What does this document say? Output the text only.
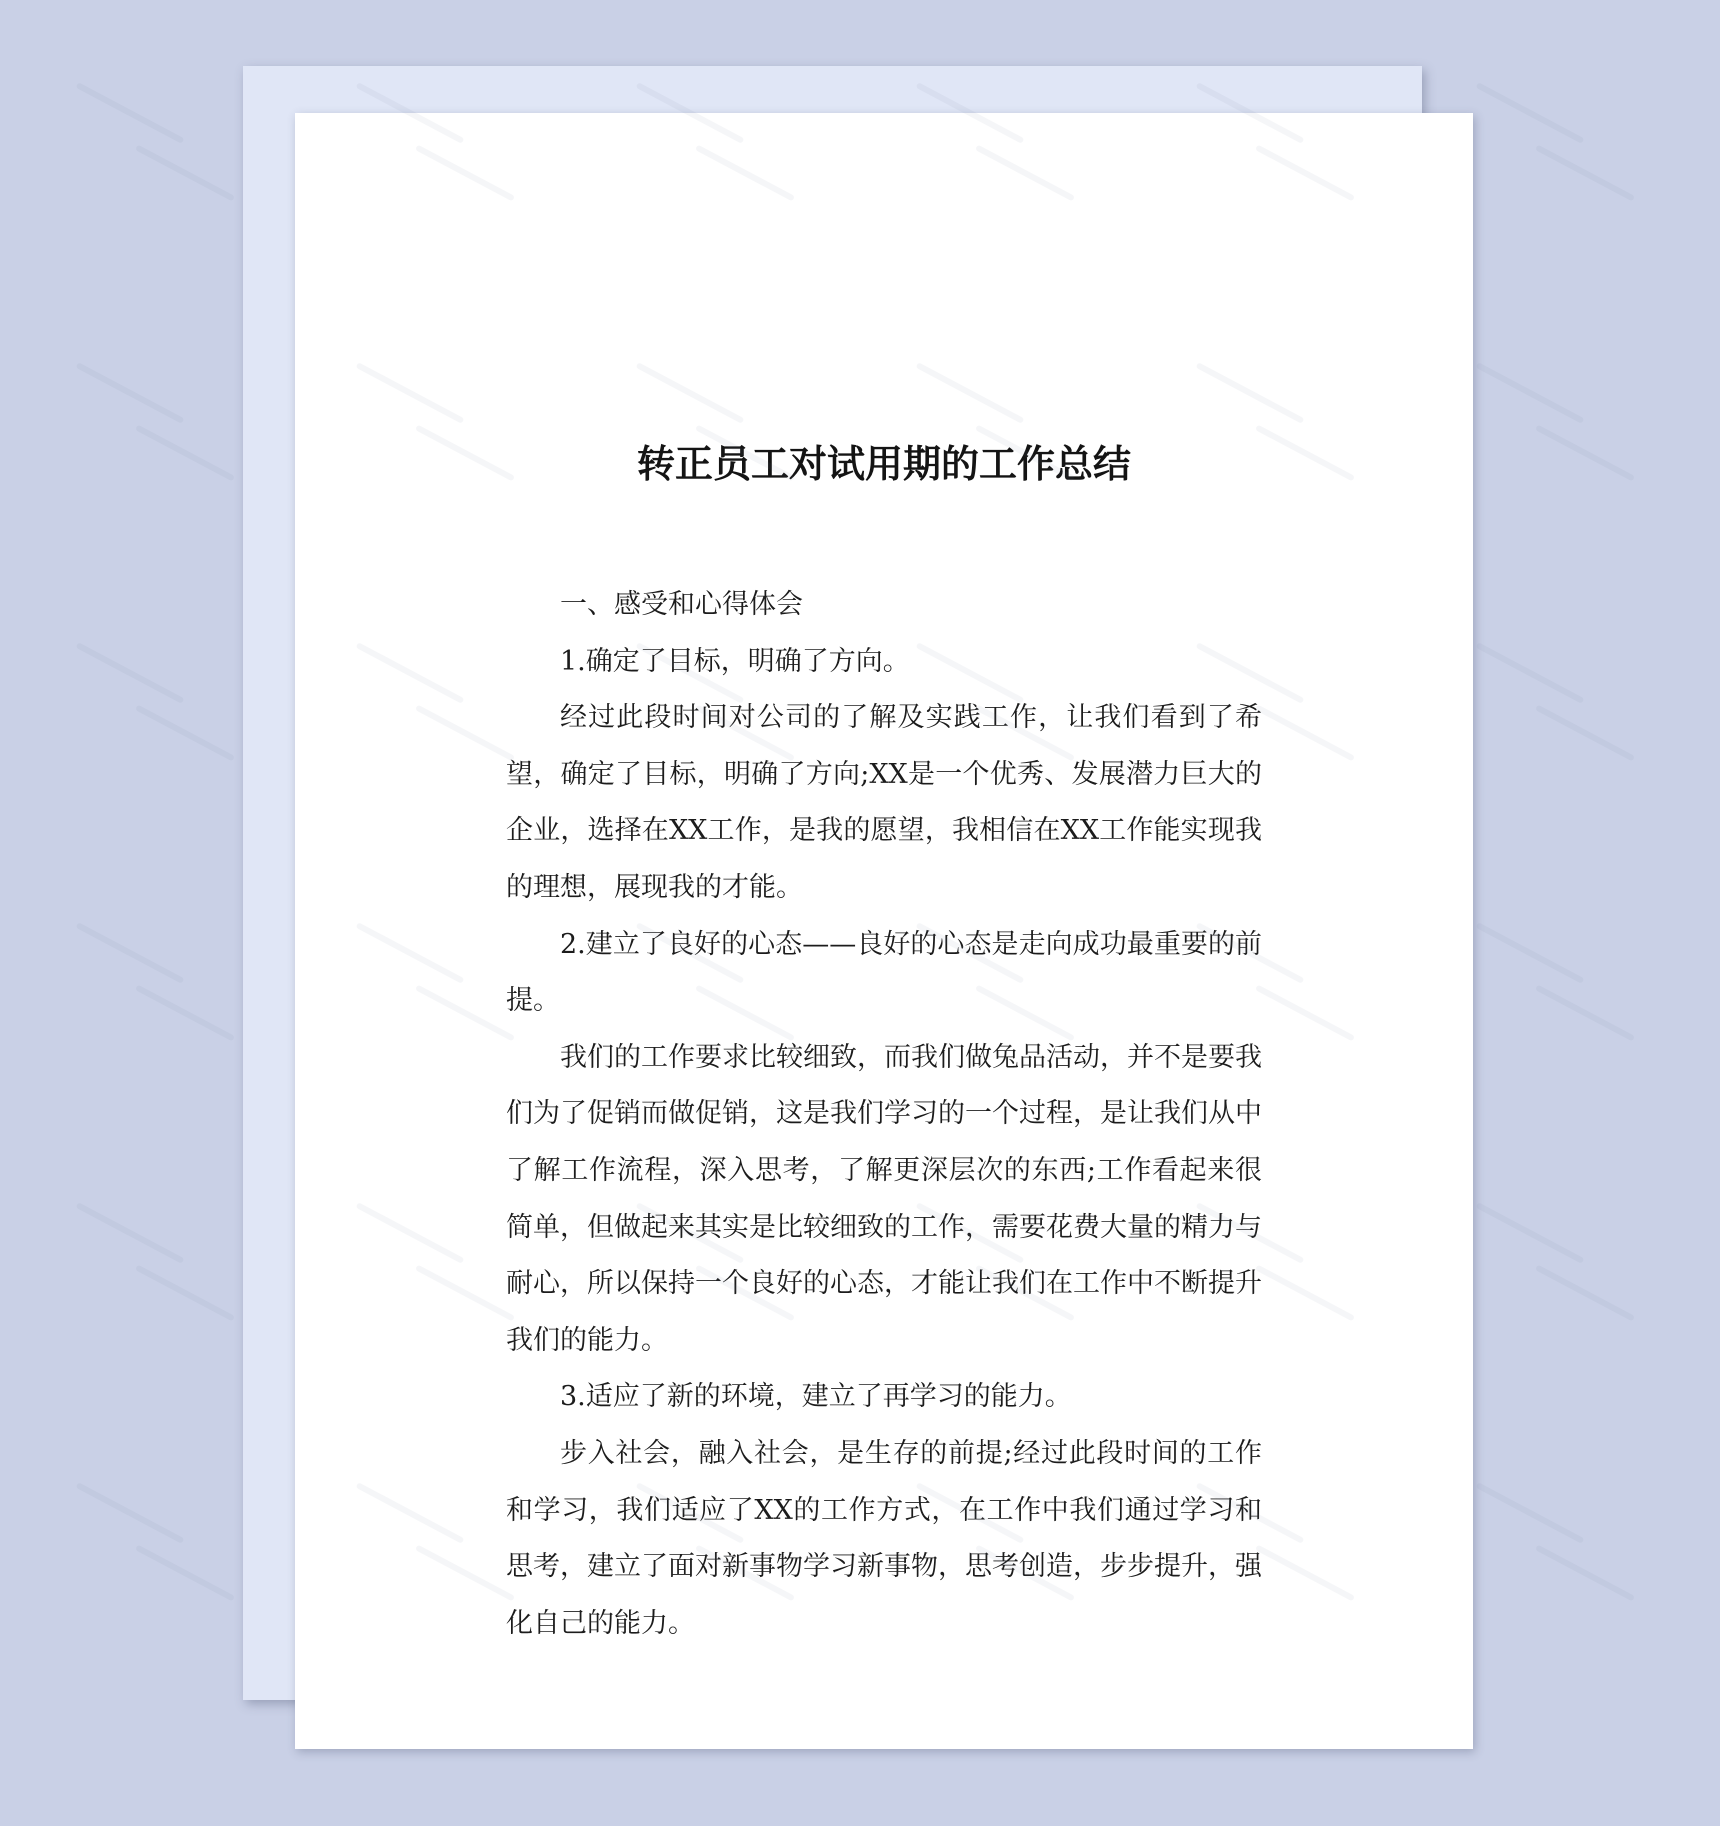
转正员工对试用期的工作总结

一、感受和心得体会

1.确定了目标，明确了方向。

经过此段时间对公司的了解及实践工作，让我们看到了希望，确定了目标，明确了方向;XX是一个优秀、发展潜力巨大的企业，选择在XX工作，是我的愿望，我相信在XX工作能实现我的理想，展现我的才能。

2.建立了良好的心态——良好的心态是走向成功最重要的前提。

我们的工作要求比较细致，而我们做兔品活动，并不是要我们为了促销而做促销，这是我们学习的一个过程，是让我们从中了解工作流程，深入思考，了解更深层次的东西;工作看起来很简单，但做起来其实是比较细致的工作，需要花费大量的精力与耐心，所以保持一个良好的心态，才能让我们在工作中不断提升我们的能力。

3.适应了新的环境，建立了再学习的能力。

步入社会，融入社会，是生存的前提;经过此段时间的工作和学习，我们适应了XX的工作方式，在工作中我们通过学习和思考，建立了面对新事物学习新事物，思考创造，步步提升，强化自己的能力。
